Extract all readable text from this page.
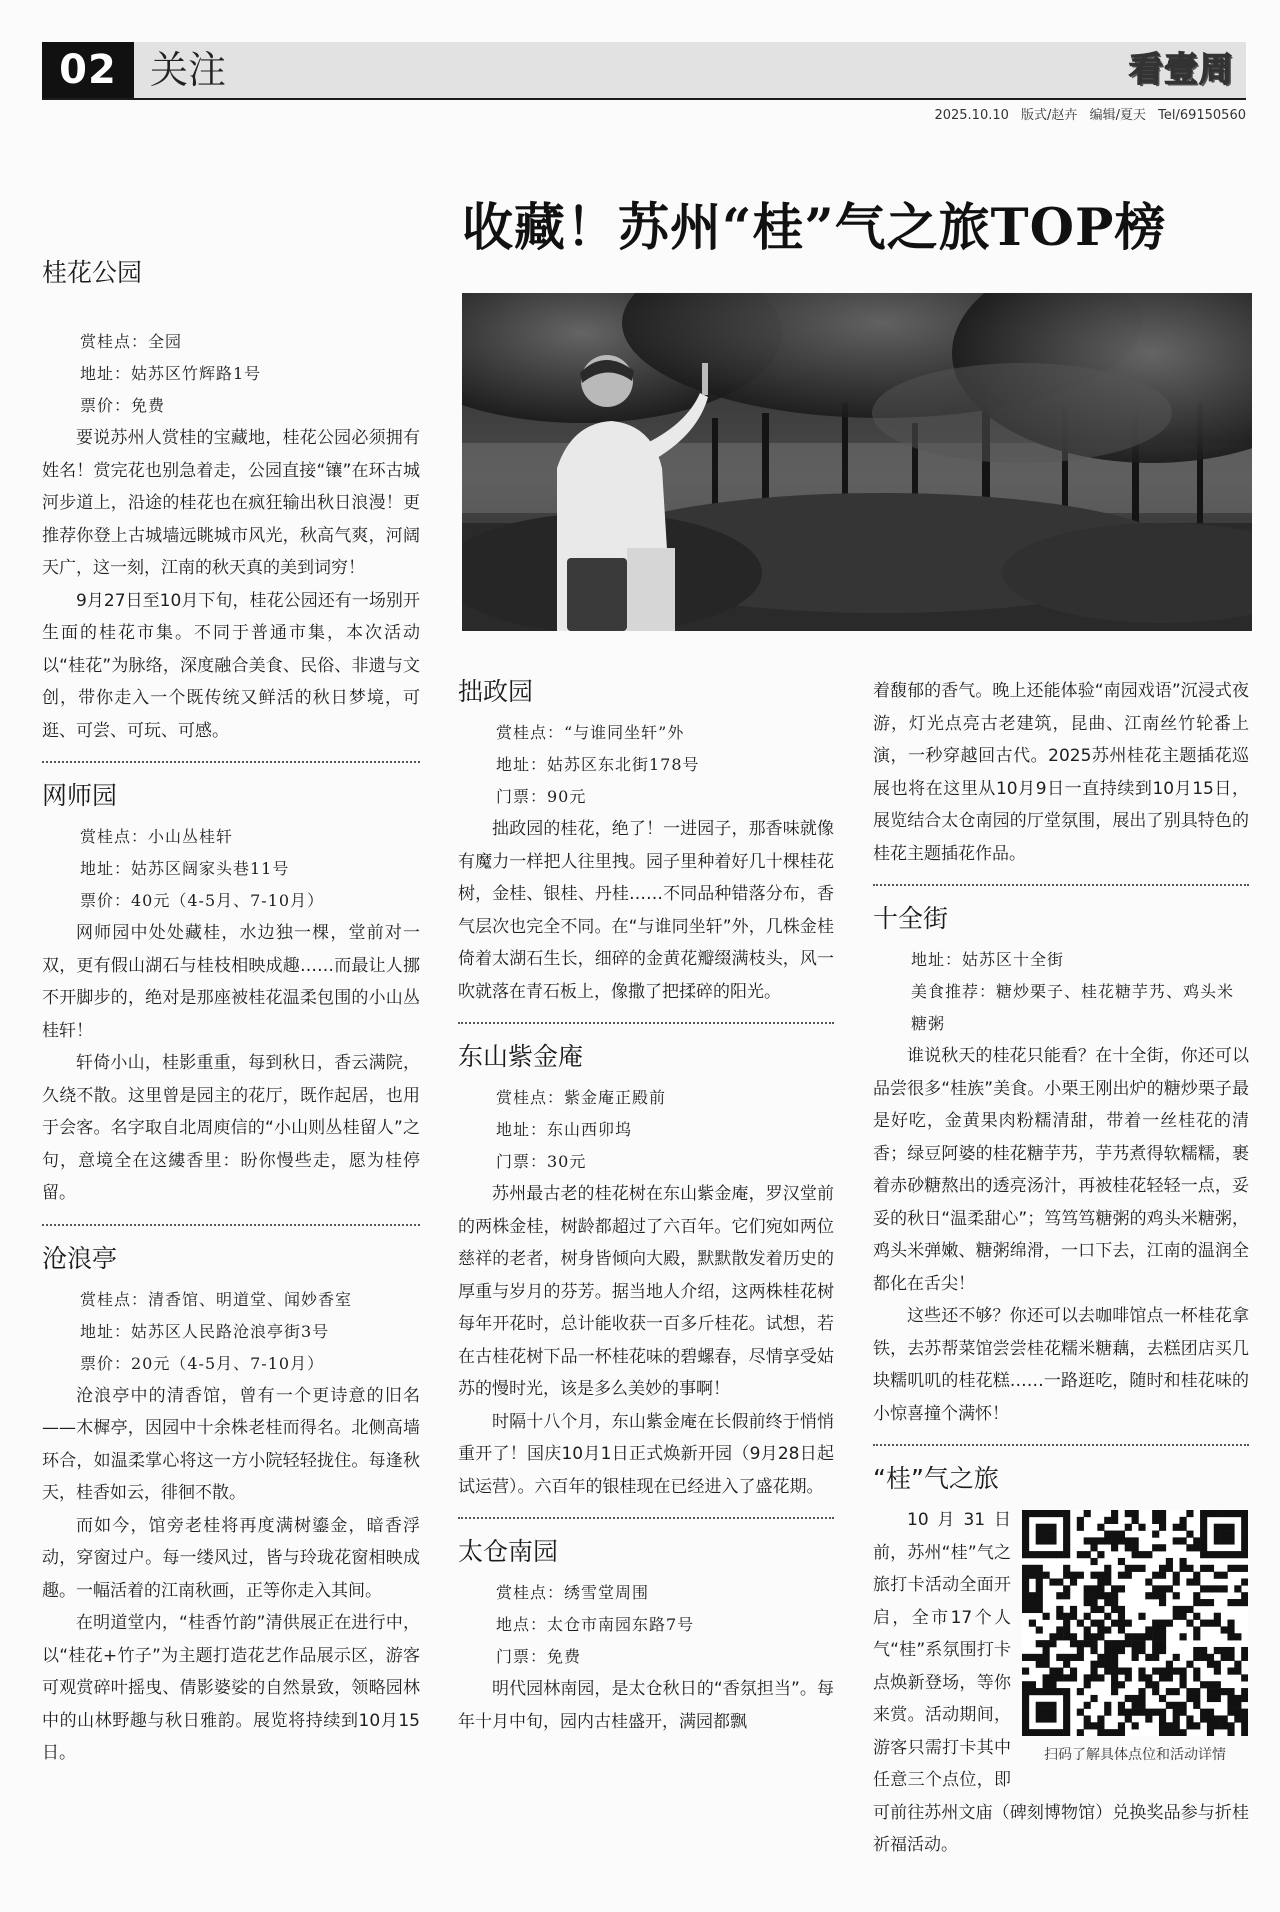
02 关注	看壹周
2025.10.10 版式/赵卉 编辑/夏天 Tel/69150560
收藏！苏州“桂”气之旅TOP榜
桂花公园
赏桂点：全园
地址：姑苏区竹辉路1号
票价：免费

要说苏州人赏桂的宝藏地，桂花公园必须拥有姓名！赏完花也别急着走，公园直接“镶”在环古城河步道上，沿途的桂花也在疯狂输出秋日浪漫！更推荐你登上古城墙远眺城市风光，秋高气爽，河阔天广，这一刻，江南的秋天真的美到词穷！

9月27日至10月下旬，桂花公园还有一场别开生面的桂花市集。不同于普通市集，本次活动以“桂花”为脉络，深度融合美食、民俗、非遗与文创，带你走入一个既传统又鲜活的秋日梦境，可逛、可尝、可玩、可感。

网师园
赏桂点：小山丛桂轩
地址：姑苏区阔家头巷11号
票价：40元（4-5月、7-10月）

网师园中处处藏桂，水边独一棵，堂前对一双，更有假山湖石与桂枝相映成趣……而最让人挪不开脚步的，绝对是那座被桂花温柔包围的小山丛桂轩！

轩倚小山，桂影重重，每到秋日，香云满院，久绕不散。这里曾是园主的花厅，既作起居，也用于会客。名字取自北周庾信的“小山则丛桂留人”之句，意境全在这縷香里：盼你慢些走，愿为桂停留。

沧浪亭
赏桂点：清香馆、明道堂、闻妙香室
地址：姑苏区人民路沧浪亭街3号
票价：20元（4-5月、7-10月）

沧浪亭中的清香馆，曾有一个更诗意的旧名——木樨亭，因园中十余株老桂而得名。北侧高墙环合，如温柔掌心将这一方小院轻轻拢住。每逢秋天，桂香如云，徘徊不散。

而如今，馆旁老桂将再度满树鎏金，暗香浮动，穿窗过户。每一缕风过，皆与玲珑花窗相映成趣。一幅活着的江南秋画，正等你走入其间。

在明道堂内，“桂香竹韵”清供展正在进行中，以“桂花+竹子”为主题打造花艺作品展示区，游客可观赏碎叶摇曳、倩影婆娑的自然景致，领略园林中的山林野趣与秋日雅韵。展览将持续到10月15日。

拙政园
赏桂点：“与谁同坐轩”外
地址：姑苏区东北街178号
门票：90元

拙政园的桂花，绝了！一进园子，那香味就像有魔力一样把人往里拽。园子里种着好几十棵桂花树，金桂、银桂、丹桂……不同品种错落分布，香气层次也完全不同。在“与谁同坐轩”外，几株金桂倚着太湖石生长，细碎的金黄花瓣缀满枝头，风一吹就落在青石板上，像撒了把揉碎的阳光。

东山紫金庵
赏桂点：紫金庵正殿前
地址：东山西卯坞
门票：30元

苏州最古老的桂花树在东山紫金庵，罗汉堂前的两株金桂，树龄都超过了六百年。它们宛如两位慈祥的老者，树身皆倾向大殿，默默散发着历史的厚重与岁月的芬芳。据当地人介绍，这两株桂花树每年开花时，总计能收获一百多斤桂花。试想，若在古桂花树下品一杯桂花味的碧螺春，尽情享受姑苏的慢时光，该是多么美妙的事啊！

时隔十八个月，东山紫金庵在长假前终于悄悄重开了！国庆10月1日正式焕新开园（9月28日起试运营）。六百年的银桂现在已经进入了盛花期。

太仓南园
赏桂点：绣雪堂周围
地点：太仓市南园东路7号
门票：免费

明代园林南园，是太仓秋日的“香氛担当”。每年十月中旬，园内古桂盛开，满园都飘

着馥郁的香气。晚上还能体验“南园戏语”沉浸式夜游，灯光点亮古老建筑，昆曲、江南丝竹轮番上演，一秒穿越回古代。2025苏州桂花主题插花巡展也将在这里从10月9日一直持续到10月15日，展览结合太仓南园的厅堂氛围，展出了别具特色的桂花主题插花作品。

十全街
地址：姑苏区十全街
美食推荐：糖炒栗子、桂花糖芋艿、鸡头米糖粥

谁说秋天的桂花只能看？在十全街，你还可以品尝很多“桂族”美食。小栗王刚出炉的糖炒栗子最是好吃，金黄果肉粉糯清甜，带着一丝桂花的清香；绿豆阿婆的桂花糖芋艿，芋艿煮得软糯糯，裹着赤砂糖熬出的透亮汤汁，再被桂花轻轻一点，妥妥的秋日“温柔甜心”；笃笃笃糖粥的鸡头米糖粥，鸡头米弹嫩、糖粥绵滑，一口下去，江南的温润全都化在舌尖！

这些还不够？你还可以去咖啡馆点一杯桂花拿铁，去苏帮菜馆尝尝桂花糯米糖藕，去糕团店买几块糯叽叽的桂花糕……一路逛吃，随时和桂花味的小惊喜撞个满怀！

“桂”气之旅
扫码了解具体点位和活动详情

10月31日前，苏州“桂”气之旅打卡活动全面开启，全市17个人气“桂”系氛围打卡点焕新登场，等你来赏。活动期间，游客只需打卡其中任意三个点位，即可前往苏州文庙（碑刻博物馆）兑换奖品参与折桂祈福活动。
